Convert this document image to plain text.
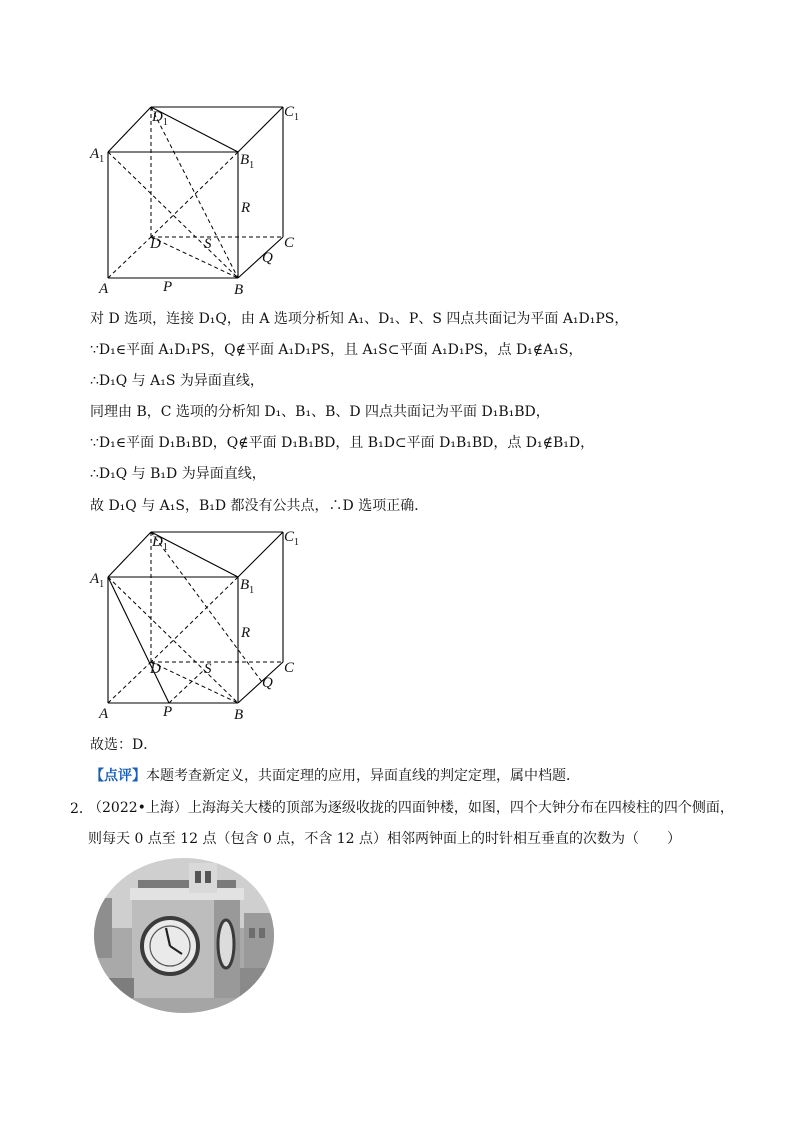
$A_1$
$D_1$
$C_1$
$B_1$
R
D	S	C
Q
A	P	B
对 D 选项，连接 D₁Q，由 A 选项分析知 A₁、D₁、P、S 四点共面记为平面 A₁D₁PS，
∵D₁∈平面 A₁D₁PS，Q∉平面 A₁D₁PS，且 A₁S⊂平面 A₁D₁PS，点 D₁∉A₁S，
∴D₁Q 与 A₁S 为异面直线，
同理由 B，C 选项的分析知 D₁、B₁、B、D 四点共面记为平面 D₁B₁BD，
∵D₁∈平面 D₁B₁BD，Q∉平面 D₁B₁BD，且 B₁D⊂平面 D₁B₁BD，点 D₁∉B₁D，
∴D₁Q 与 B₁D 为异面直线，
故 D₁Q 与 A₁S，B₁D 都没有公共点，∴D 选项正确．
$A_1$
$D_1$
$C_1$
$B_1$
R
D	S	C
Q
A	P	B
故选：D．
【点评】本题考查新定义，共面定理的应用，异面直线的判定定理，属中档题．
2．
（2022•上海）上海海关大楼的顶部为逐级收拢的四面钟楼，如图，四个大钟分布在四棱柱的四个侧面，
则每天 0 点至 12 点（包含 0 点，不含 12 点）相邻两钟面上的时针相互垂直的次数为（　　）
